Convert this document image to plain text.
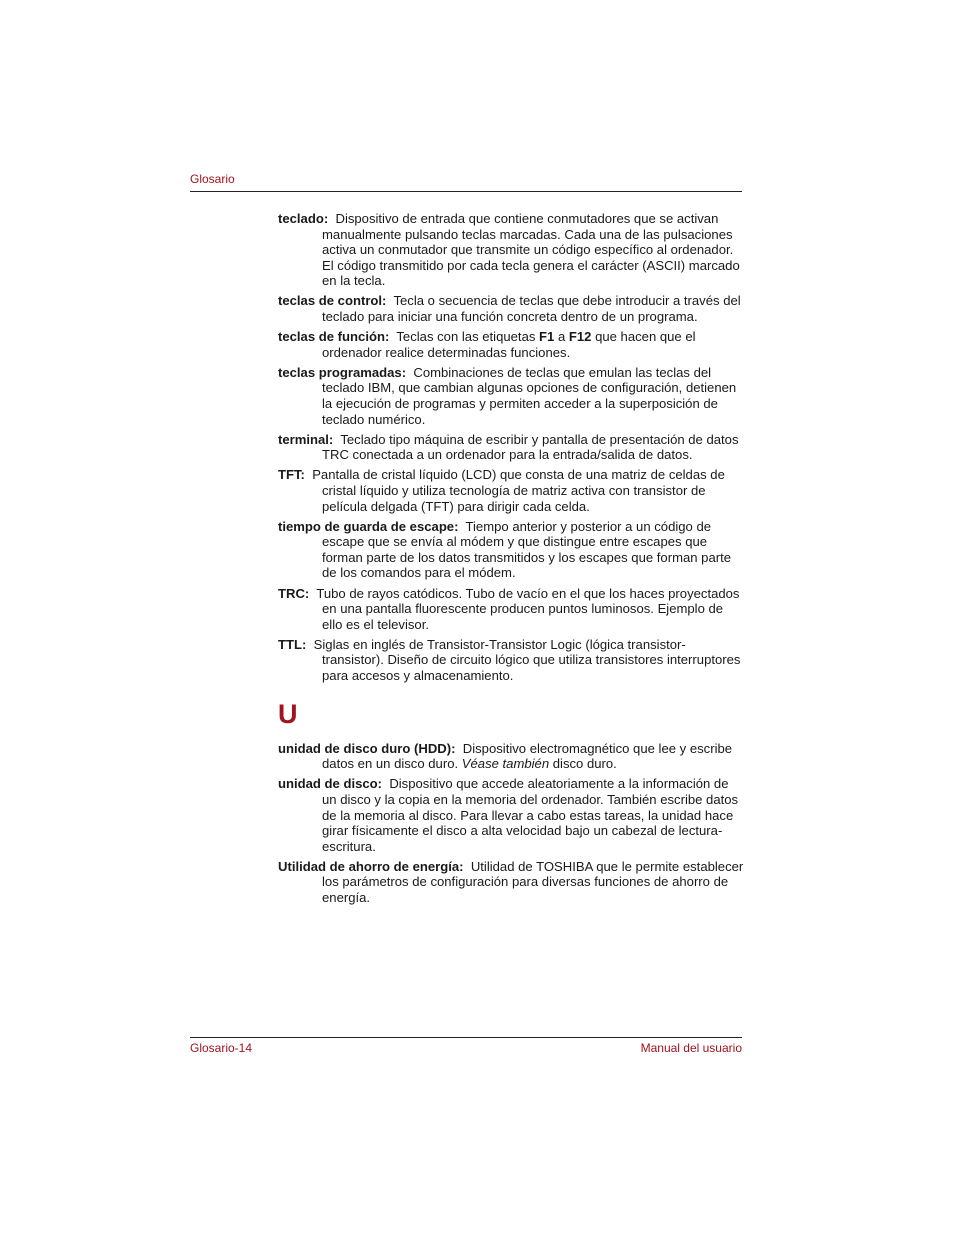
Glosario

teclado: Dispositivo de entrada que contiene conmutadores que se activan manualmente pulsando teclas marcadas. Cada una de las pulsaciones activa un conmutador que transmite un código específico al ordenador. El código transmitido por cada tecla genera el carácter (ASCII) marcado en la tecla.

teclas de control: Tecla o secuencia de teclas que debe introducir a través del teclado para iniciar una función concreta dentro de un programa.

teclas de función: Teclas con las etiquetas F1 a F12 que hacen que el ordenador realice determinadas funciones.

teclas programadas: Combinaciones de teclas que emulan las teclas del teclado IBM, que cambian algunas opciones de configuración, detienen la ejecución de programas y permiten acceder a la superposición de teclado numérico.

terminal: Teclado tipo máquina de escribir y pantalla de presentación de datos TRC conectada a un ordenador para la entrada/salida de datos.

TFT: Pantalla de cristal líquido (LCD) que consta de una matriz de celdas de cristal líquido y utiliza tecnología de matriz activa con transistor de película delgada (TFT) para dirigir cada celda.

tiempo de guarda de escape: Tiempo anterior y posterior a un código de escape que se envía al módem y que distingue entre escapes que forman parte de los datos transmitidos y los escapes que forman parte de los comandos para el módem.

TRC: Tubo de rayos catódicos. Tubo de vacío en el que los haces proyectados en una pantalla fluorescente producen puntos luminosos. Ejemplo de ello es el televisor.

TTL: Siglas en inglés de Transistor-Transistor Logic (lógica transistor-transistor). Diseño de circuito lógico que utiliza transistores interruptores para accesos y almacenamiento.

U

unidad de disco duro (HDD): Dispositivo electromagnético que lee y escribe datos en un disco duro. Véase también disco duro.

unidad de disco: Dispositivo que accede aleatoriamente a la información de un disco y la copia en la memoria del ordenador. También escribe datos de la memoria al disco. Para llevar a cabo estas tareas, la unidad hace girar físicamente el disco a alta velocidad bajo un cabezal de lectura-escritura.

Utilidad de ahorro de energía: Utilidad de TOSHIBA que le permite establecer los parámetros de configuración para diversas funciones de ahorro de energía.

Glosario-14	Manual del usuario
